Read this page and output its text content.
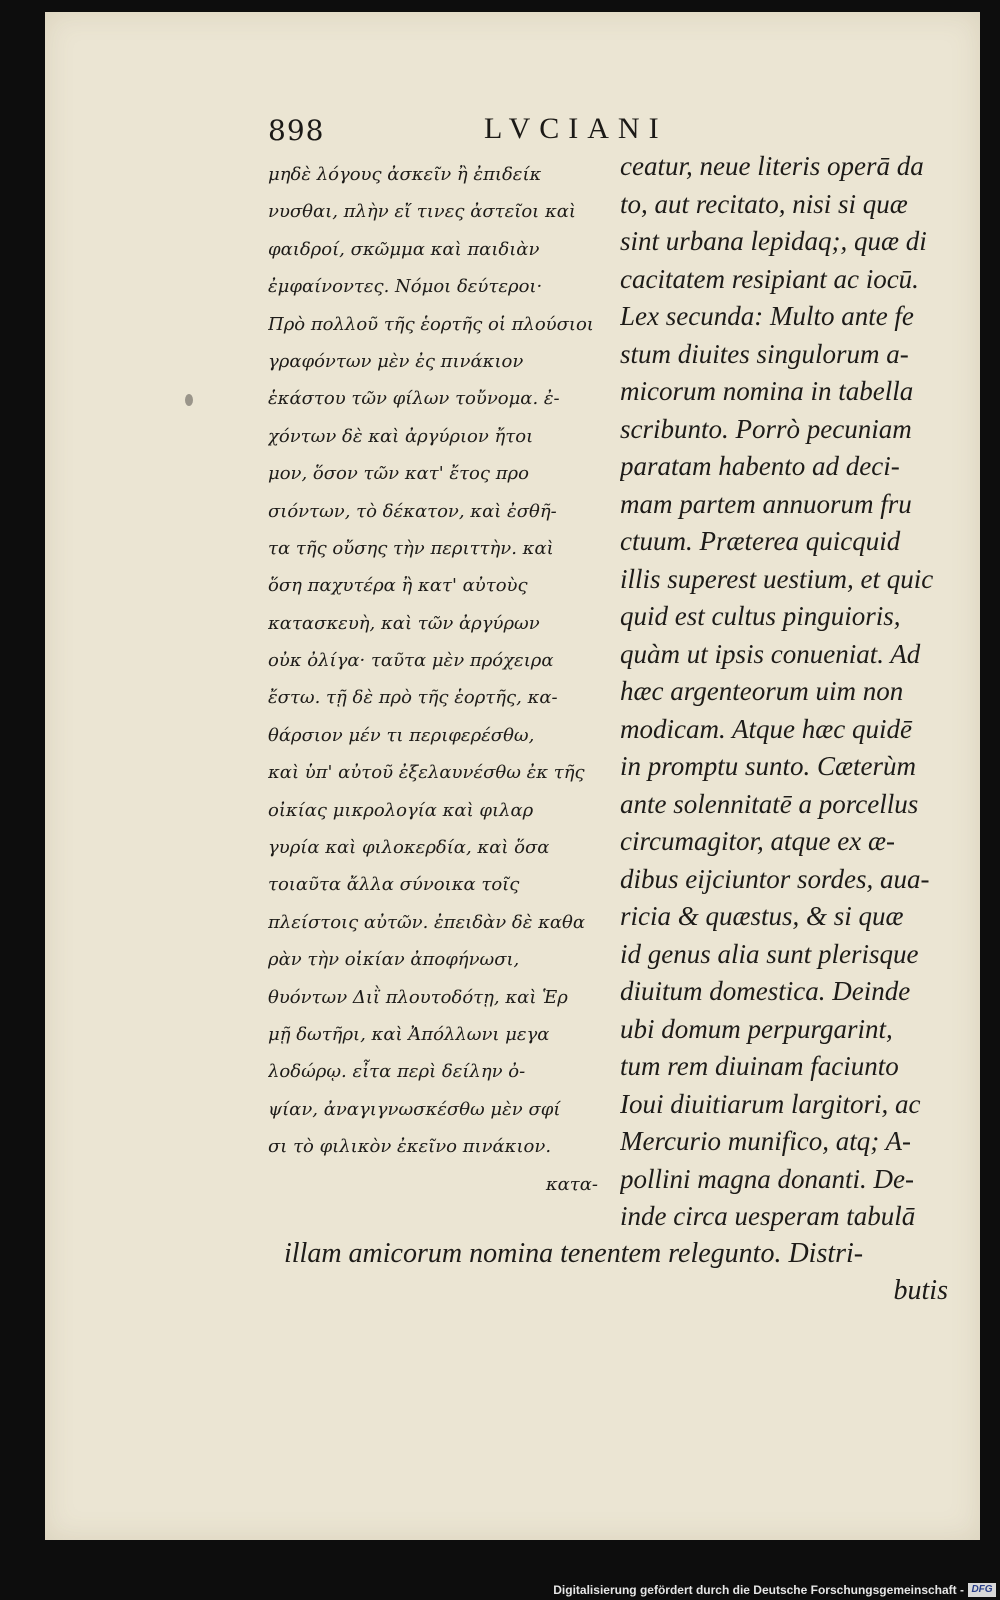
898	LVCIANI
μηδὲ λόγους ἀσκεῖν ἢ ἐπιδείκ
νυσθαι, πλὴν εἴ τινες ἀστεῖοι καὶ
φαιδροί, σκῶμμα καὶ παιδιὰν
ἐμφαίνοντες. Νόμοι δεύτεροι·
Πρὸ πολλοῦ τῆς ἑορτῆς οἱ πλούσιοι
γραφόντων μὲν ἐς πινάκιον
ἑκάστου τῶν φίλων τοὔνομα. ἐ-
χόντων δὲ καὶ ἀργύριον ἤτοι
μον, ὅσον τῶν κατ' ἔτος προ
σιόντων, τὸ δέκατον, καὶ ἐσθῆ-
τα τῆς οὔσης τὴν περιττὴν. καὶ
ὅση παχυτέρα ἢ κατ' αὐτοὺς
κατασκευὴ, καὶ τῶν ἀργύρων
οὐκ ὀλίγα· ταῦτα μὲν πρόχειρα
ἔστω. τῇ δὲ πρὸ τῆς ἑορτῆς, κα-
θάρσιον μέν τι περιφερέσθω,
καὶ ὑπ' αὐτοῦ ἐξελαυνέσθω ἐκ τῆς
οἰκίας μικρολογία καὶ φιλαρ
γυρία καὶ φιλοκερδία, καὶ ὅσα
τοιαῦτα ἄλλα σύνοικα τοῖς
πλείστοις αὐτῶν. ἐπειδὰν δὲ καθα
ρὰν τὴν οἰκίαν ἀποφήνωσι,
θυόντων Διῒ πλουτοδότῃ, καὶ Ἑρ
μῇ δωτῆρι, καὶ Ἀπόλλωνι μεγα
λοδώρῳ. εἶτα περὶ δείλην ὀ-
ψίαν, ἀναγιγνωσκέσθω μὲν σφί
σι τὸ φιλικὸν ἐκεῖνο πινάκιον.
κατα-
ceatur, neue literis operā da
to, aut recitato, nisi si quæ
sint urbana lepidaq;, quæ di
cacitatem resipiant ac iocū.
Lex secunda: Multo ante fe
stum diuites singulorum a-
micorum nomina in tabella
scribunto. Porrò pecuniam
paratam habento ad deci-
mam partem annuorum fru
ctuum. Præterea quicquid
illis superest uestium, et quic
quid est cultus pinguioris,
quàm ut ipsis conueniat. Ad
hæc argenteorum uim non
modicam. Atque hæc quidē
in promptu sunto. Cæterùm
ante solennitatē a porcellus
circumagitor, atque ex æ-
dibus eijciuntor sordes, aua-
ricia & quæstus, & si quæ
id genus alia sunt plerisque
diuitum domestica. Deinde
ubi domum perpurgarint,
tum rem diuinam faciunto
Ioui diuitiarum largitori, ac
Mercurio munifico, atq; A-
pollini magna donanti. De-
inde circa uesperam tabulā
illam amicorum nomina tenentem relegunto. Distri-
butis
Digitalisierung gefördert durch die Deutsche Forschungsgemeinschaft - DFG
